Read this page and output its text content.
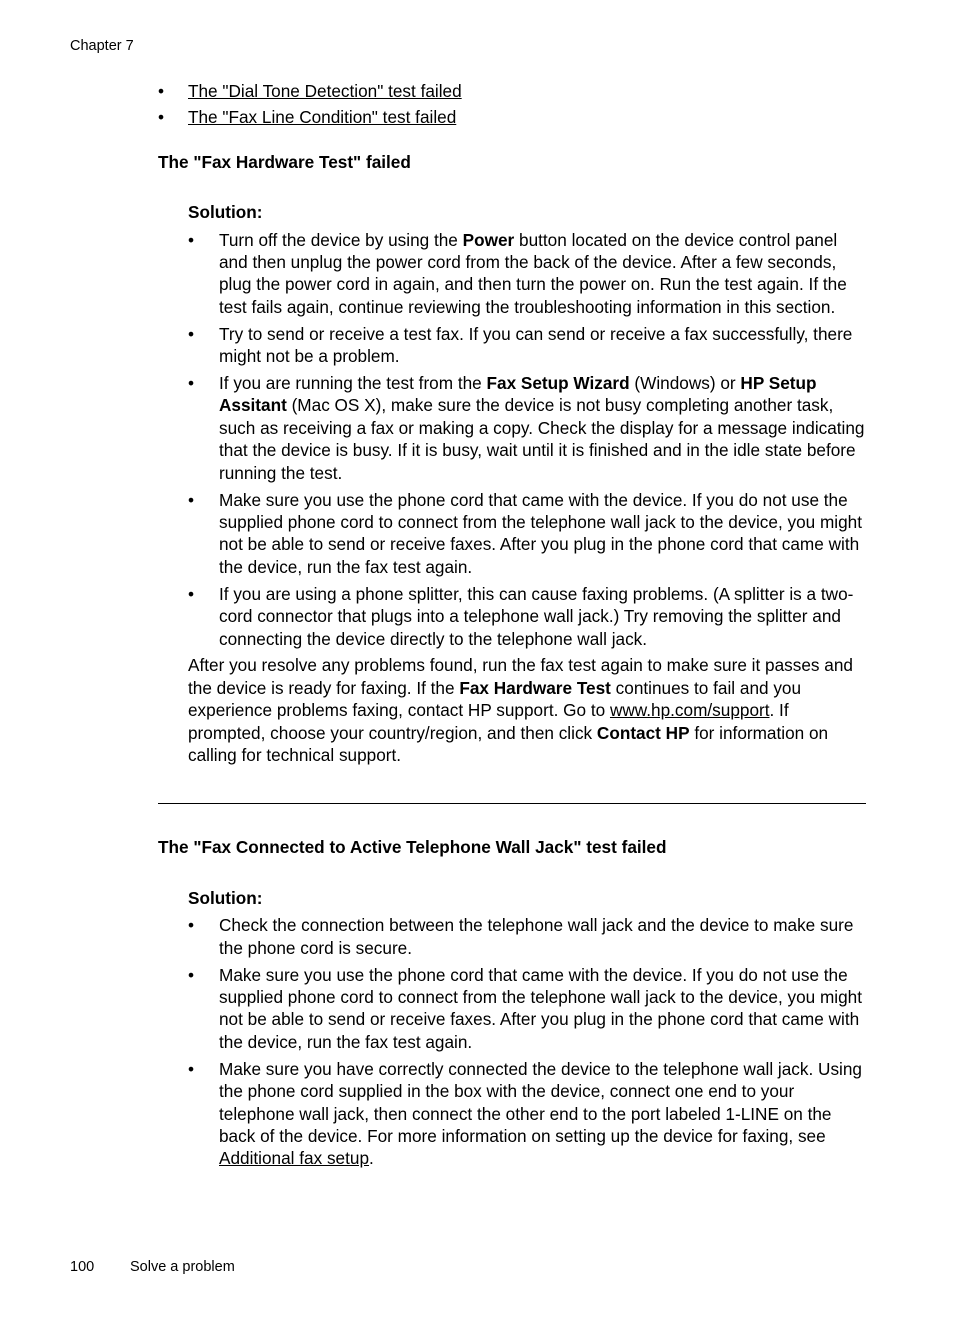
Chapter 7
• The "Dial Tone Detection" test failed
• The "Fax Line Condition" test failed
The "Fax Hardware Test" failed
Solution:
• Turn off the device by using the Power button located on the device control panel and then unplug the power cord from the back of the device. After a few seconds, plug the power cord in again, and then turn the power on. Run the test again. If the test fails again, continue reviewing the troubleshooting information in this section.
• Try to send or receive a test fax. If you can send or receive a fax successfully, there might not be a problem.
• If you are running the test from the Fax Setup Wizard (Windows) or HP Setup Assitant (Mac OS X), make sure the device is not busy completing another task, such as receiving a fax or making a copy. Check the display for a message indicating that the device is busy. If it is busy, wait until it is finished and in the idle state before running the test.
• Make sure you use the phone cord that came with the device. If you do not use the supplied phone cord to connect from the telephone wall jack to the device, you might not be able to send or receive faxes. After you plug in the phone cord that came with the device, run the fax test again.
• If you are using a phone splitter, this can cause faxing problems. (A splitter is a two-cord connector that plugs into a telephone wall jack.) Try removing the splitter and connecting the device directly to the telephone wall jack.

After you resolve any problems found, run the fax test again to make sure it passes and the device is ready for faxing. If the Fax Hardware Test continues to fail and you experience problems faxing, contact HP support. Go to www.hp.com/support. If prompted, choose your country/region, and then click Contact HP for information on calling for technical support.

The "Fax Connected to Active Telephone Wall Jack" test failed
Solution:
• Check the connection between the telephone wall jack and the device to make sure the phone cord is secure.
• Make sure you use the phone cord that came with the device. If you do not use the supplied phone cord to connect from the telephone wall jack to the device, you might not be able to send or receive faxes. After you plug in the phone cord that came with the device, run the fax test again.
• Make sure you have correctly connected the device to the telephone wall jack. Using the phone cord supplied in the box with the device, connect one end to your telephone wall jack, then connect the other end to the port labeled 1-LINE on the back of the device. For more information on setting up the device for faxing, see Additional fax setup.
100 Solve a problem
